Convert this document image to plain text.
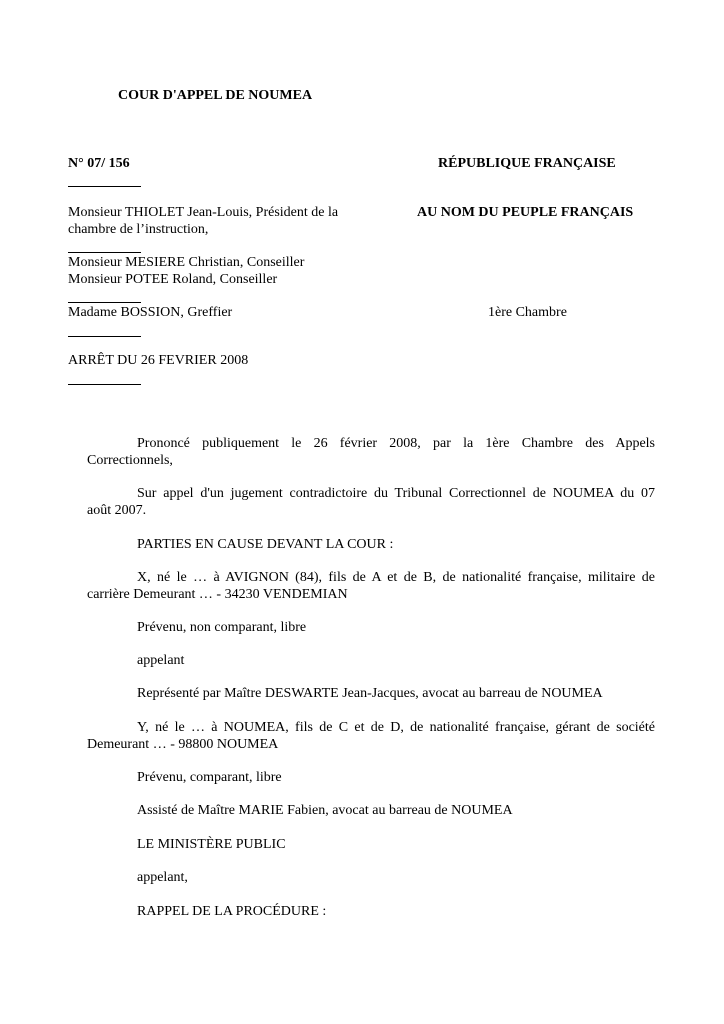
COUR D'APPEL DE NOUMEA
N° 07/ 156	RÉPUBLIQUE FRANÇAISE
Monsieur THIOLET Jean-Louis, Président de la	AU NOM DU PEUPLE FRANÇAIS
chambre de l’instruction,
Monsieur MESIERE Christian, Conseiller
Monsieur POTEE Roland, Conseiller
Madame BOSSION, Greffier	1ère Chambre
ARRÊT DU 26 FEVRIER 2008
Prononcé publiquement le 26 février 2008, par la 1ère Chambre des Appels
Correctionnels,
Sur appel d'un jugement contradictoire du Tribunal Correctionnel de NOUMEA du 07
août 2007.
PARTIES EN CAUSE DEVANT LA COUR :
X, né le … à AVIGNON (84), fils de A et de B, de nationalité française, militaire de
carrière Demeurant … - 34230 VENDEMIAN
Prévenu, non comparant, libre
appelant
Représenté par Maître DESWARTE Jean-Jacques, avocat au barreau de NOUMEA
Y, né le … à NOUMEA, fils de C et de D, de nationalité française, gérant de société
Demeurant … - 98800 NOUMEA
Prévenu, comparant, libre
Assisté de Maître MARIE Fabien, avocat au barreau de NOUMEA
LE MINISTÈRE PUBLIC
appelant,
RAPPEL DE LA PROCÉDURE :
